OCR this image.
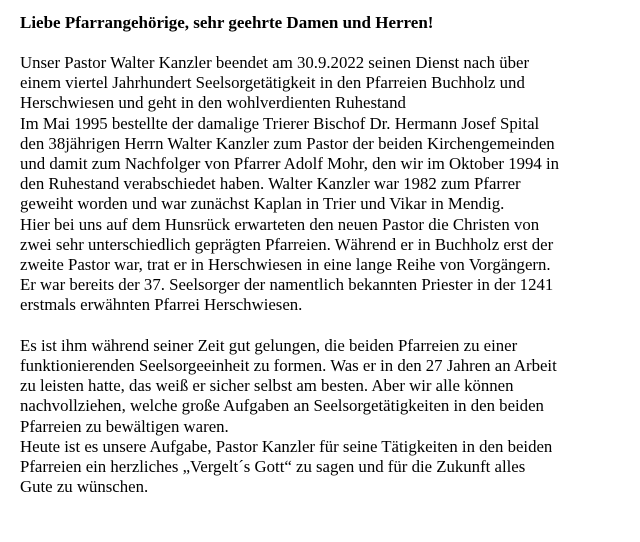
Liebe Pfarrangehörige, sehr geehrte Damen und Herren!
Unser Pastor Walter Kanzler beendet am 30.9.2022 seinen Dienst nach über
einem viertel Jahrhundert Seelsorgetätigkeit in den Pfarreien Buchholz und
Herschwiesen und geht in den wohlverdienten Ruhestand
Im Mai 1995 bestellte der damalige Trierer Bischof Dr. Hermann Josef Spital
den 38jährigen Herrn Walter Kanzler zum Pastor der beiden Kirchengemeinden
und damit zum Nachfolger von Pfarrer Adolf Mohr, den wir im Oktober 1994 in
den Ruhestand verabschiedet haben. Walter Kanzler war 1982 zum Pfarrer
geweiht worden und war zunächst Kaplan in Trier und Vikar in Mendig.
Hier bei uns auf dem Hunsrück erwarteten den neuen Pastor die Christen von
zwei sehr unterschiedlich geprägten Pfarreien. Während er in Buchholz erst der
zweite Pastor war, trat er in Herschwiesen in eine lange Reihe von Vorgängern.
Er war bereits der 37. Seelsorger der namentlich bekannten Priester in der 1241
erstmals erwähnten Pfarrei Herschwiesen.
Es ist ihm während seiner Zeit gut gelungen, die beiden Pfarreien zu einer
funktionierenden Seelsorgeeinheit zu formen. Was er in den 27 Jahren an Arbeit
zu leisten hatte, das weiß er sicher selbst am besten. Aber wir alle können
nachvollziehen, welche große Aufgaben an Seelsorgetätigkeiten in den beiden
Pfarreien zu bewältigen waren.
Heute ist es unsere Aufgabe, Pastor Kanzler für seine Tätigkeiten in den beiden
Pfarreien ein herzliches „Vergelt´s Gott“ zu sagen und für die Zukunft alles
Gute zu wünschen.
